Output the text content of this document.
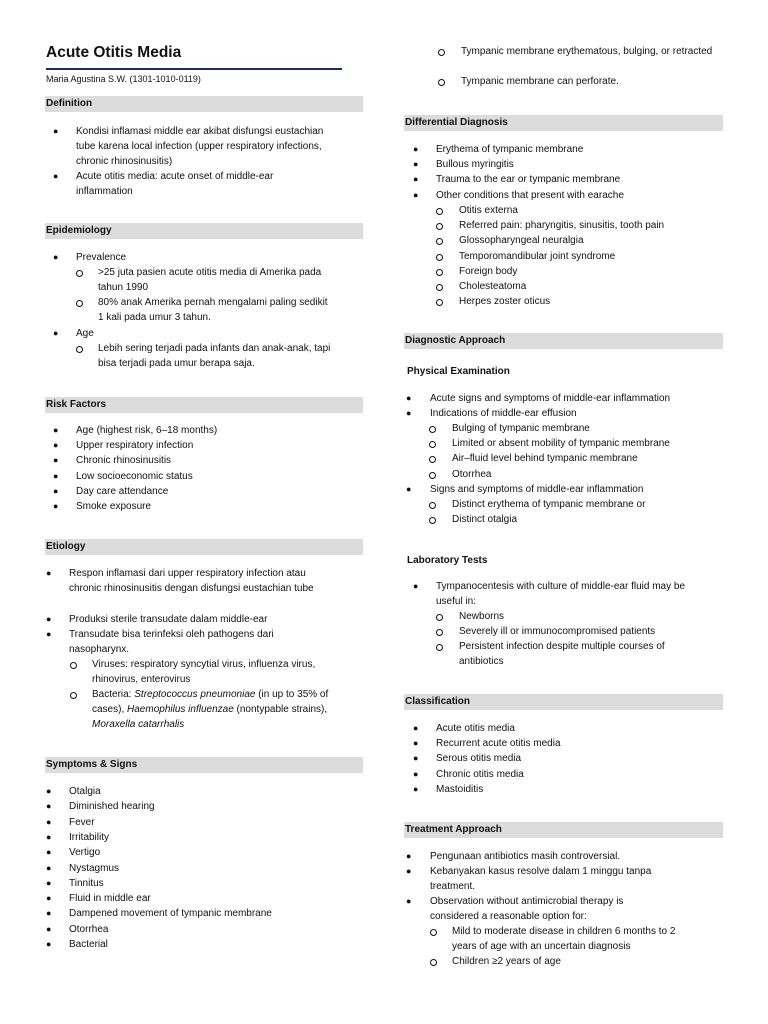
Acute Otitis Media
Maria Agustina S.W. (1301-1010-0119)
Definition
● Kondisi inflamasi middle ear akibat disfungsi eustachian tube karena local infection (upper respiratory infections, chronic rhinosinusitis)
● Acute otitis media: acute onset of middle-ear inflammation
Epidemiology
● Prevalence
>25 juta pasien acute otitis media di Amerika pada tahun 1990
80% anak Amerika pernah mengalami paling sedikit 1 kali pada umur 3 tahun.
● Age
Lebih sering terjadi pada infants dan anak-anak, tapi bisa terjadi pada umur berapa saja.
Risk Factors
● Age (highest risk, 6–18 months)
● Upper respiratory infection
● Chronic rhinosinusitis
● Low socioeconomic status
● Day care attendance
● Smoke exposure
Etiology
● Respon inflamasi dari upper respiratory infection atau chronic rhinosinusitis dengan disfungsi eustachian tube
● Produksi sterile transudate dalam middle-ear
● Transudate bisa terinfeksi oleh pathogens dari nasopharynx.
Viruses: respiratory syncytial virus, influenza virus, rhinovirus, enterovirus
Bacteria: Streptococcus pneumoniae (in up to 35% of cases), Haemophilus influenzae (nontypable strains), Moraxella catarrhalis
Symptoms & Signs
● Otalgia
● Diminished hearing
● Fever
● Irritability
● Vertigo
● Nystagmus
● Tinnitus
● Fluid in middle ear
● Dampened movement of tympanic membrane
● Otorrhea
● Bacterial
Tympanic membrane erythematous, bulging, or retracted
Tympanic membrane can perforate.
Differential Diagnosis
● Erythema of tympanic membrane
● Bullous myringitis
● Trauma to the ear or tympanic membrane
● Other conditions that present with earache
Otitis externa
Referred pain: pharyngitis, sinusitis, tooth pain
Glossopharyngeal neuralgia
Temporomandibular joint syndrome
Foreign body
Cholesteatoma
Herpes zoster oticus
Diagnostic Approach
Physical Examination
● Acute signs and symptoms of middle-ear inflammation
● Indications of middle-ear effusion
Bulging of tympanic membrane
Limited or absent mobility of tympanic membrane
Air–fluid level behind tympanic membrane
Otorrhea
● Signs and symptoms of middle-ear inflammation
Distinct erythema of tympanic membrane or
Distinct otalgia
Laboratory Tests
● Tympanocentesis with culture of middle-ear fluid may be useful in:
Newborns
Severely ill or immunocompromised patients
Persistent infection despite multiple courses of antibiotics
Classification
● Acute otitis media
● Recurrent acute otitis media
● Serous otitis media
● Chronic otitis media
● Mastoiditis
Treatment Approach
● Pengunaan antibiotics masih controversial.
● Kebanyakan kasus resolve dalam 1 minggu tanpa treatment.
● Observation without antimicrobial therapy is considered a reasonable option for:
Mild to moderate disease in children 6 months to 2 years of age with an uncertain diagnosis
Children ≥2 years of age
